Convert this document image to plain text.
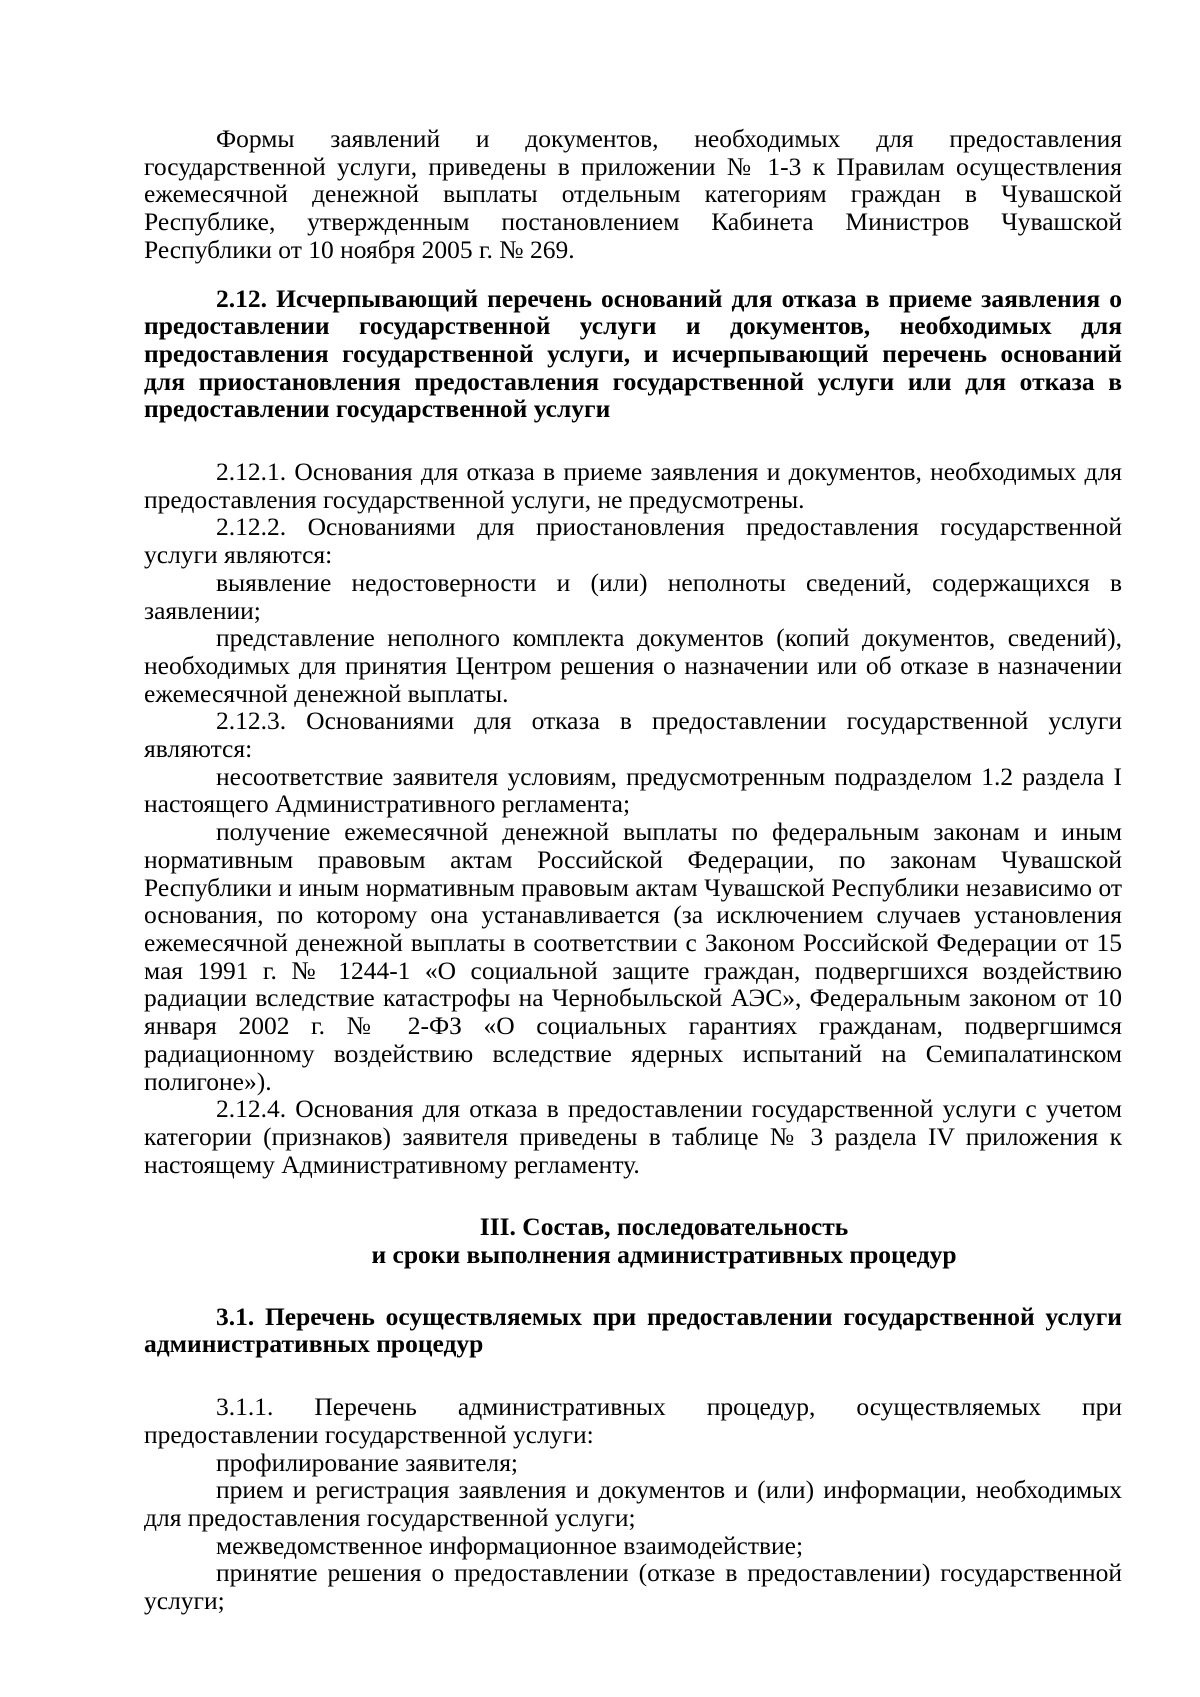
Формы заявлений и документов, необходимых для предоставления государственной услуги, приведены в приложении № 1-3 к Правилам осуществления ежемесячной денежной выплаты отдельным категориям граждан в Чувашской Республике, утвержденным постановлением Кабинета Министров Чувашской Республики от 10 ноября 2005 г. № 269.

2.12. Исчерпывающий перечень оснований для отказа в приеме заявления о предоставлении государственной услуги и документов, необходимых для предоставления государственной услуги, и исчерпывающий перечень оснований для приостановления предоставления государственной услуги или для отказа в предоставлении государственной услуги

2.12.1. Основания для отказа в приеме заявления и документов, необходимых для предоставления государственной услуги, не предусмотрены.

2.12.2. Основаниями для приостановления предоставления государственной услуги являются:

выявление недостоверности и (или) неполноты сведений, содержащихся в заявлении;

представление неполного комплекта документов (копий документов, сведений), необходимых для принятия Центром решения о назначении или об отказе в назначении ежемесячной денежной выплаты.

2.12.3. Основаниями для отказа в предоставлении государственной услуги являются:

несоответствие заявителя условиям, предусмотренным подразделом 1.2 раздела I настоящего Административного регламента;

получение ежемесячной денежной выплаты по федеральным законам и иным нормативным правовым актам Российской Федерации, по законам Чувашской Республики и иным нормативным правовым актам Чувашской Республики независимо от основания, по которому она устанавливается (за исключением случаев установления ежемесячной денежной выплаты в соответствии с Законом Российской Федерации от 15 мая 1991 г. № 1244-1 «О социальной защите граждан, подвергшихся воздействию радиации вследствие катастрофы на Чернобыльской АЭС», Федеральным законом от 10 января 2002 г. № 2-ФЗ «О социальных гарантиях гражданам, подвергшимся радиационному воздействию вследствие ядерных испытаний на Семипалатинском полигоне»).

2.12.4. Основания для отказа в предоставлении государственной услуги с учетом категории (признаков) заявителя приведены в таблице № 3 раздела IV приложения к настоящему Административному регламенту.

III. Состав, последовательность
и сроки выполнения административных процедур

3.1. Перечень осуществляемых при предоставлении государственной услуги административных процедур

3.1.1. Перечень административных процедур, осуществляемых при предоставлении государственной услуги:

профилирование заявителя;

прием и регистрация заявления и документов и (или) информации, необходимых для предоставления государственной услуги;

межведомственное информационное взаимодействие;

принятие решения о предоставлении (отказе в предоставлении) государственной услуги;
